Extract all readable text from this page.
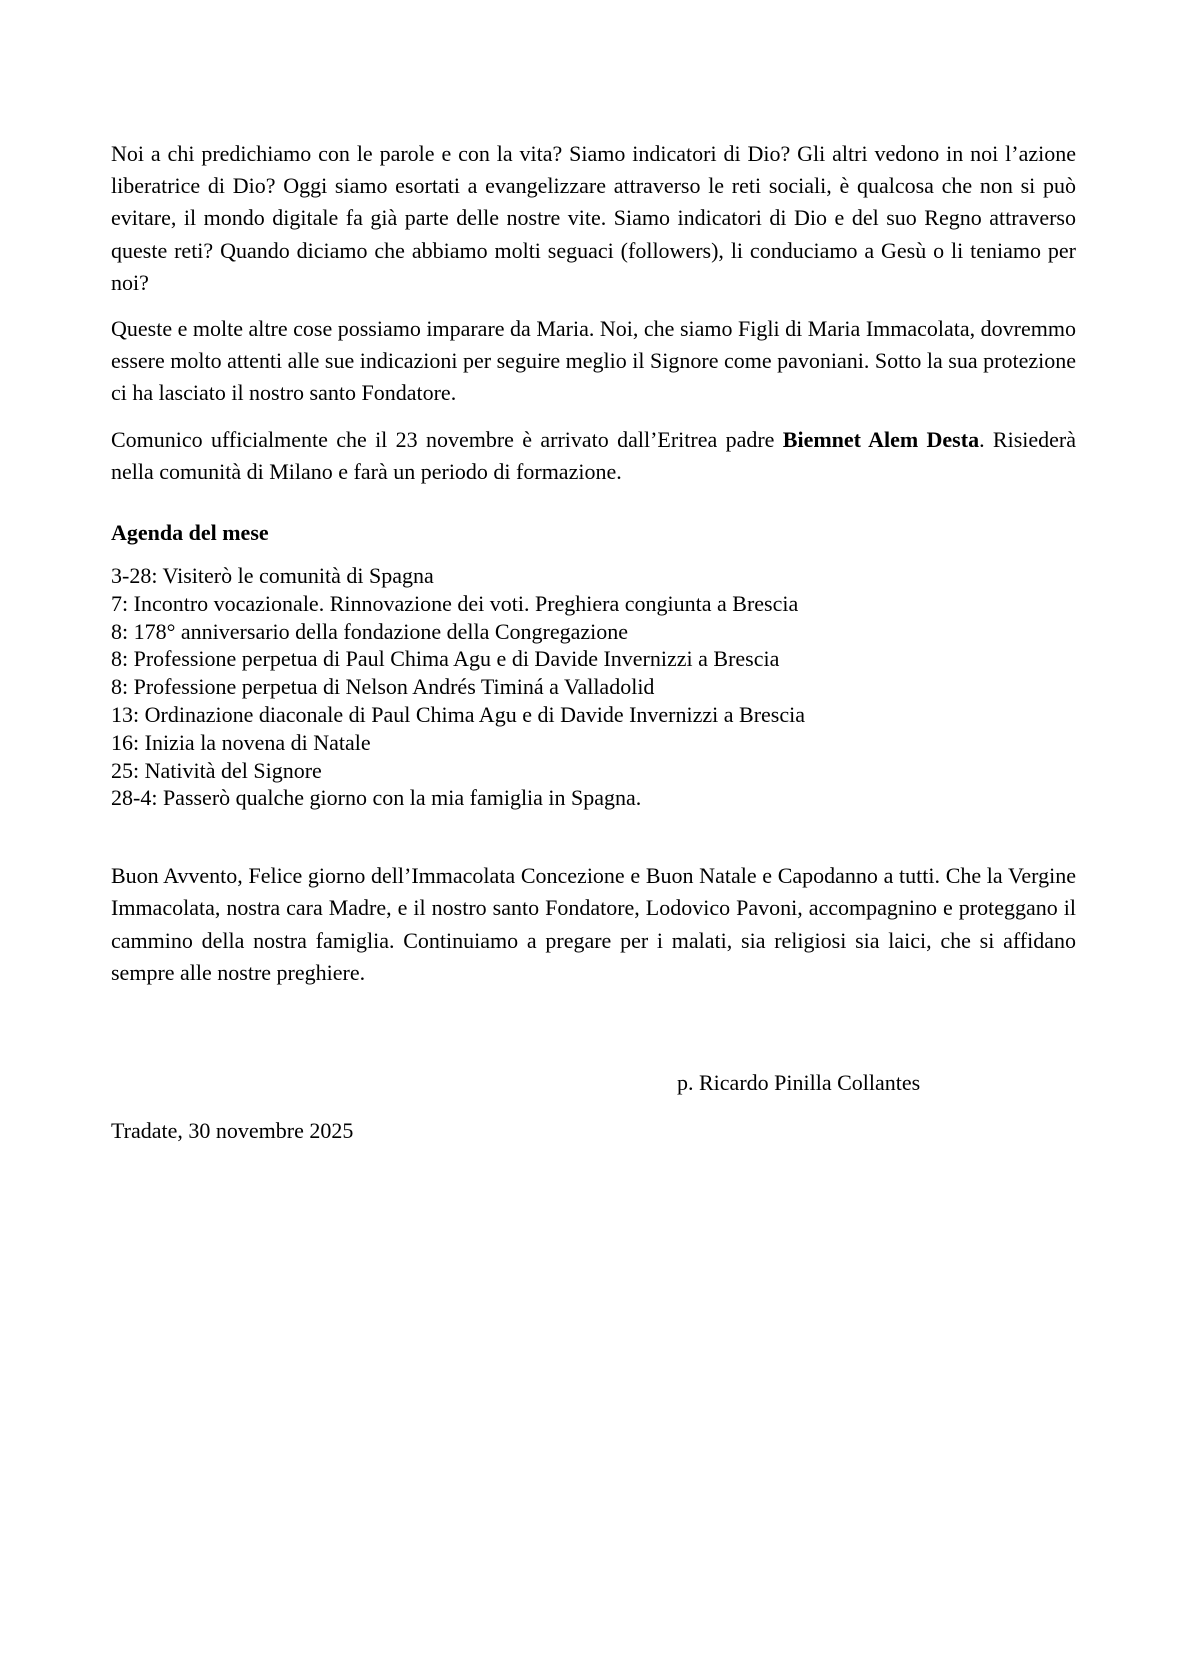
Noi a chi predichiamo con le parole e con la vita? Siamo indicatori di Dio? Gli altri vedono in noi l’azione liberatrice di Dio? Oggi siamo esortati a evangelizzare attraverso le reti sociali, è qualcosa che non si può evitare, il mondo digitale fa già parte delle nostre vite. Siamo indicatori di Dio e del suo Regno attraverso queste reti? Quando diciamo che abbiamo molti seguaci (followers), li conduciamo a Gesù o li teniamo per noi?

Queste e molte altre cose possiamo imparare da Maria. Noi, che siamo Figli di Maria Immacolata, dovremmo essere molto attenti alle sue indicazioni per seguire meglio il Signore come pavoniani. Sotto la sua protezione ci ha lasciato il nostro santo Fondatore.

Comunico ufficialmente che il 23 novembre è arrivato dall’Eritrea padre Biemnet Alem Desta. Risiederà nella comunità di Milano e farà un periodo di formazione.

Agenda del mese
3-28: Visiterò le comunità di Spagna
7: Incontro vocazionale. Rinnovazione dei voti. Preghiera congiunta a Brescia
8: 178° anniversario della fondazione della Congregazione
8: Professione perpetua di Paul Chima Agu e di Davide Invernizzi a Brescia
8: Professione perpetua di Nelson Andrés Timiná a Valladolid
13: Ordinazione diaconale di Paul Chima Agu e di Davide Invernizzi a Brescia
16: Inizia la novena di Natale
25: Natività del Signore
28-4: Passerò qualche giorno con la mia famiglia in Spagna.

Buon Avvento, Felice giorno dell’Immacolata Concezione e Buon Natale e Capodanno a tutti. Che la Vergine Immacolata, nostra cara Madre, e il nostro santo Fondatore, Lodovico Pavoni, accompagnino e proteggano il cammino della nostra famiglia. Continuiamo a pregare per i malati, sia religiosi sia laici, che si affidano sempre alle nostre preghiere.

p. Ricardo Pinilla Collantes
Tradate, 30 novembre 2025
